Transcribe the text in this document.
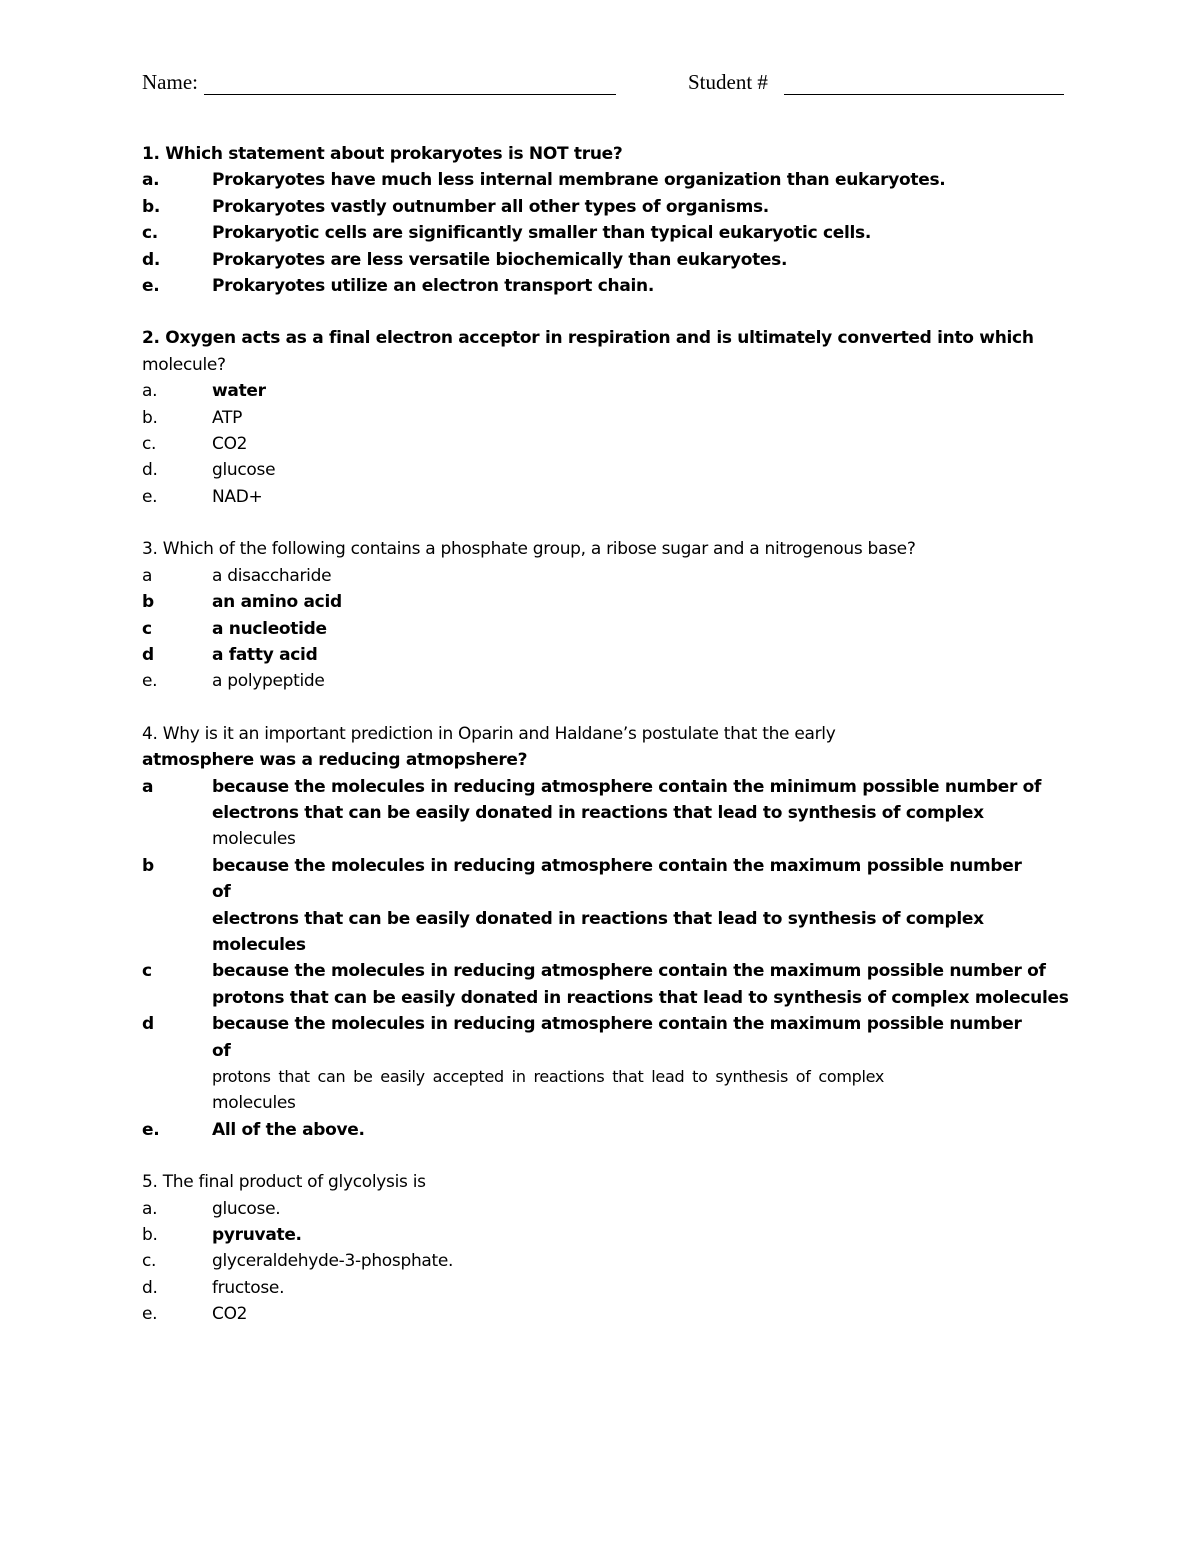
Name:	Student #
1. Which statement about prokaryotes is NOT true?
a.	Prokaryotes have much less internal membrane organization than eukaryotes.
b.	Prokaryotes vastly outnumber all other types of organisms.
c.	Prokaryotic cells are significantly smaller than typical eukaryotic cells.
d.	Prokaryotes are less versatile biochemically than eukaryotes.
e.	Prokaryotes utilize an electron transport chain.
2. Oxygen acts as a final electron acceptor in respiration and is ultimately converted into which
molecule?
a.	water
b.	ATP
c.	CO2
d.	glucose
e.	NAD+
3. Which of the following contains a phosphate group, a ribose sugar and a nitrogenous base?
a	a disaccharide
b	an amino acid
c	a nucleotide
d	a fatty acid
e.	a polypeptide
4. Why is it an important prediction in Oparin and Haldane’s postulate that the early
atmosphere was a reducing atmopshere?
a	because the molecules in reducing atmosphere contain the minimum possible number of
electrons that can be easily donated in reactions that lead to synthesis of complex
molecules
b	because the molecules in reducing atmosphere contain the maximum possible number of
electrons that can be easily donated in reactions that lead to synthesis of complex
molecules
c	because the molecules in reducing atmosphere contain the maximum possible number of
protons that can be easily donated in reactions that lead to synthesis of complex molecules
d	because the molecules in reducing atmosphere contain the maximum possible number of
protons that can be easily accepted in reactions that lead to synthesis of complex
molecules
e.	All of the above.
5. The final product of glycolysis is
a.	glucose.
b.	pyruvate.
c.	glyceraldehyde-3-phosphate.
d.	fructose.
e.	CO2
